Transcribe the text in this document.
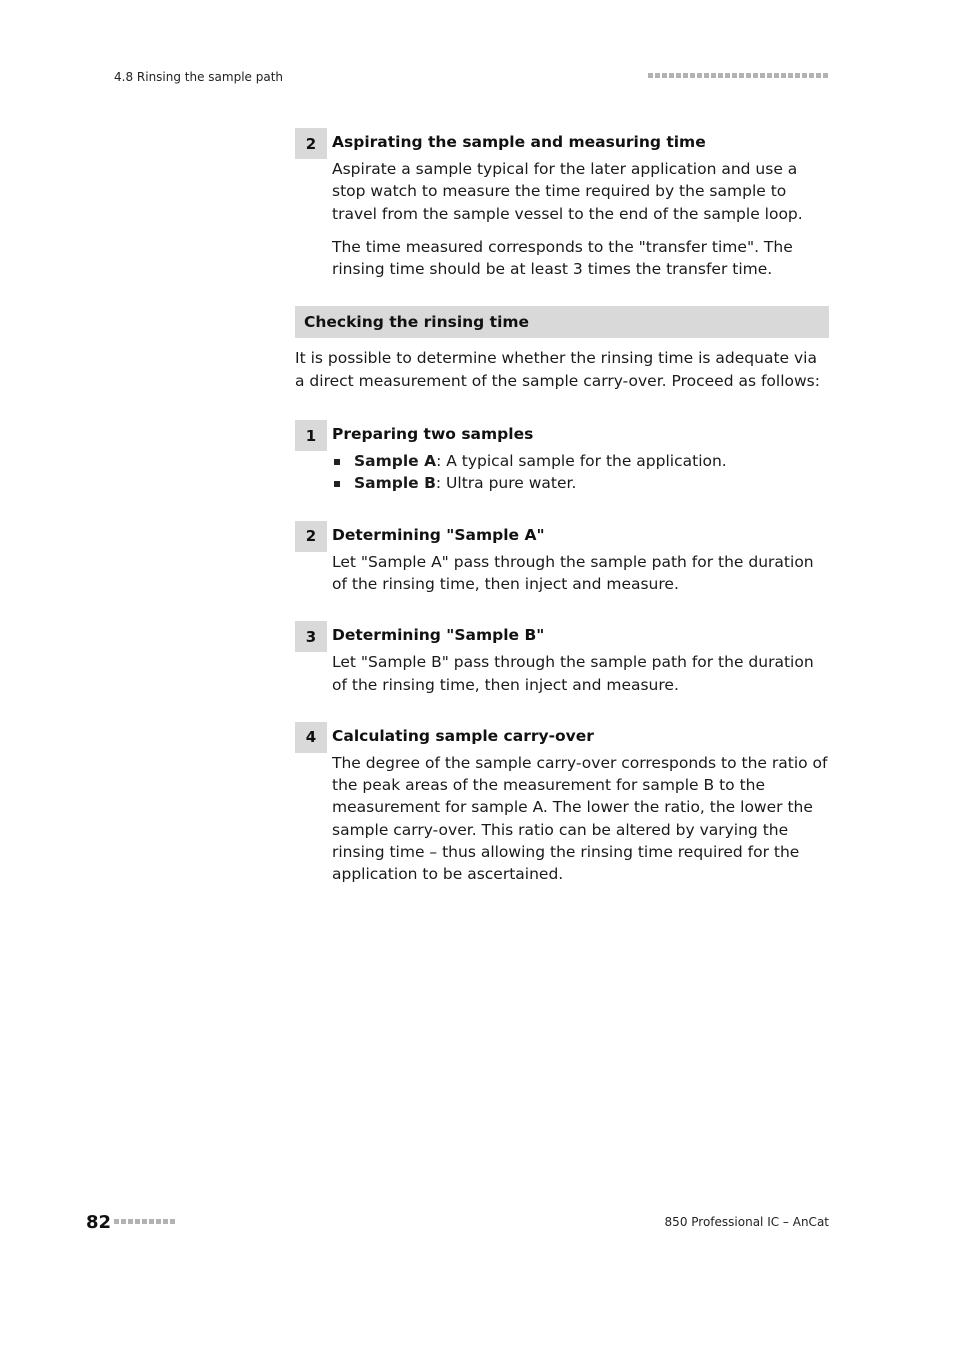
4.8 Rinsing the sample path
2	Aspirating the sample and measuring time

Aspirate a sample typical for the later application and use a stop watch to measure the time required by the sample to travel from the sample vessel to the end of the sample loop.

The time measured corresponds to the "transfer time". The rinsing time should be at least 3 times the transfer time.

Checking the rinsing time

It is possible to determine whether the rinsing time is adequate via a direct measurement of the sample carry-over. Proceed as follows:

1	Preparing two samples
Sample A: A typical sample for the application.
Sample B: Ultra pure water.
2	Determining "Sample A"

Let "Sample A" pass through the sample path for the duration of the rinsing time, then inject and measure.

3	Determining "Sample B"

Let "Sample B" pass through the sample path for the duration of the rinsing time, then inject and measure.

4	Calculating sample carry-over

The degree of the sample carry-over corresponds to the ratio of the peak areas of the measurement for sample B to the measurement for sample A. The lower the ratio, the lower the sample carry-over. This ratio can be altered by varying the rinsing time – thus allowing the rinsing time required for the application to be ascertained.

82	850 Professional IC – AnCat
